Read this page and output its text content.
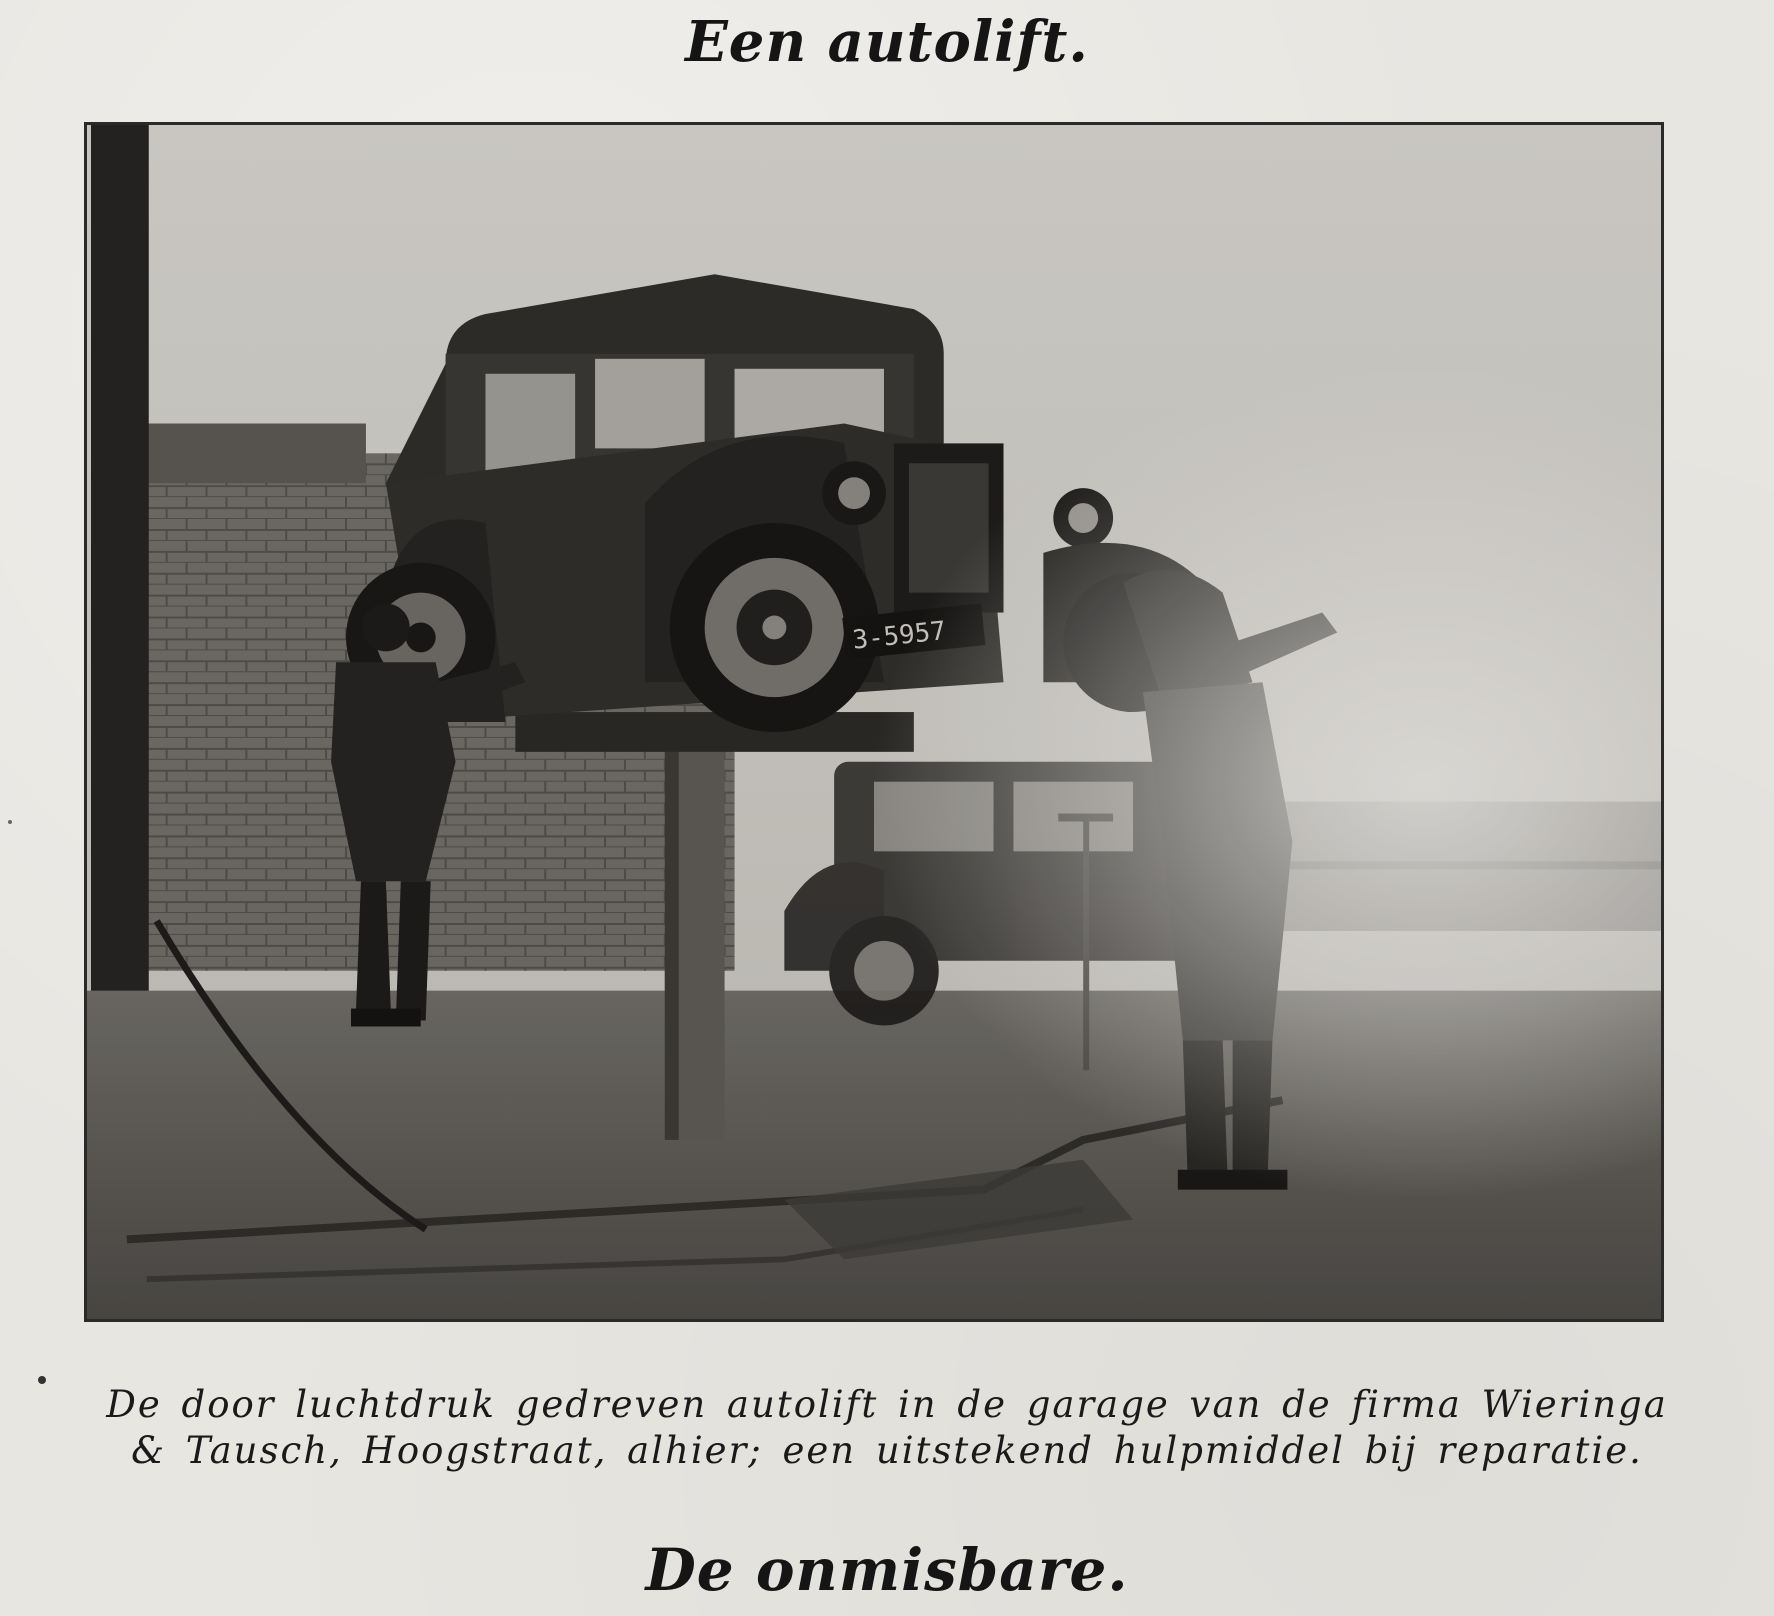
Een autolift.
De door luchtdruk gedreven autolift in de garage van de firma Wieringa
& Tausch, Hoogstraat, alhier; een uitstekend hulpmiddel bij reparatie.
De onmisbare.
